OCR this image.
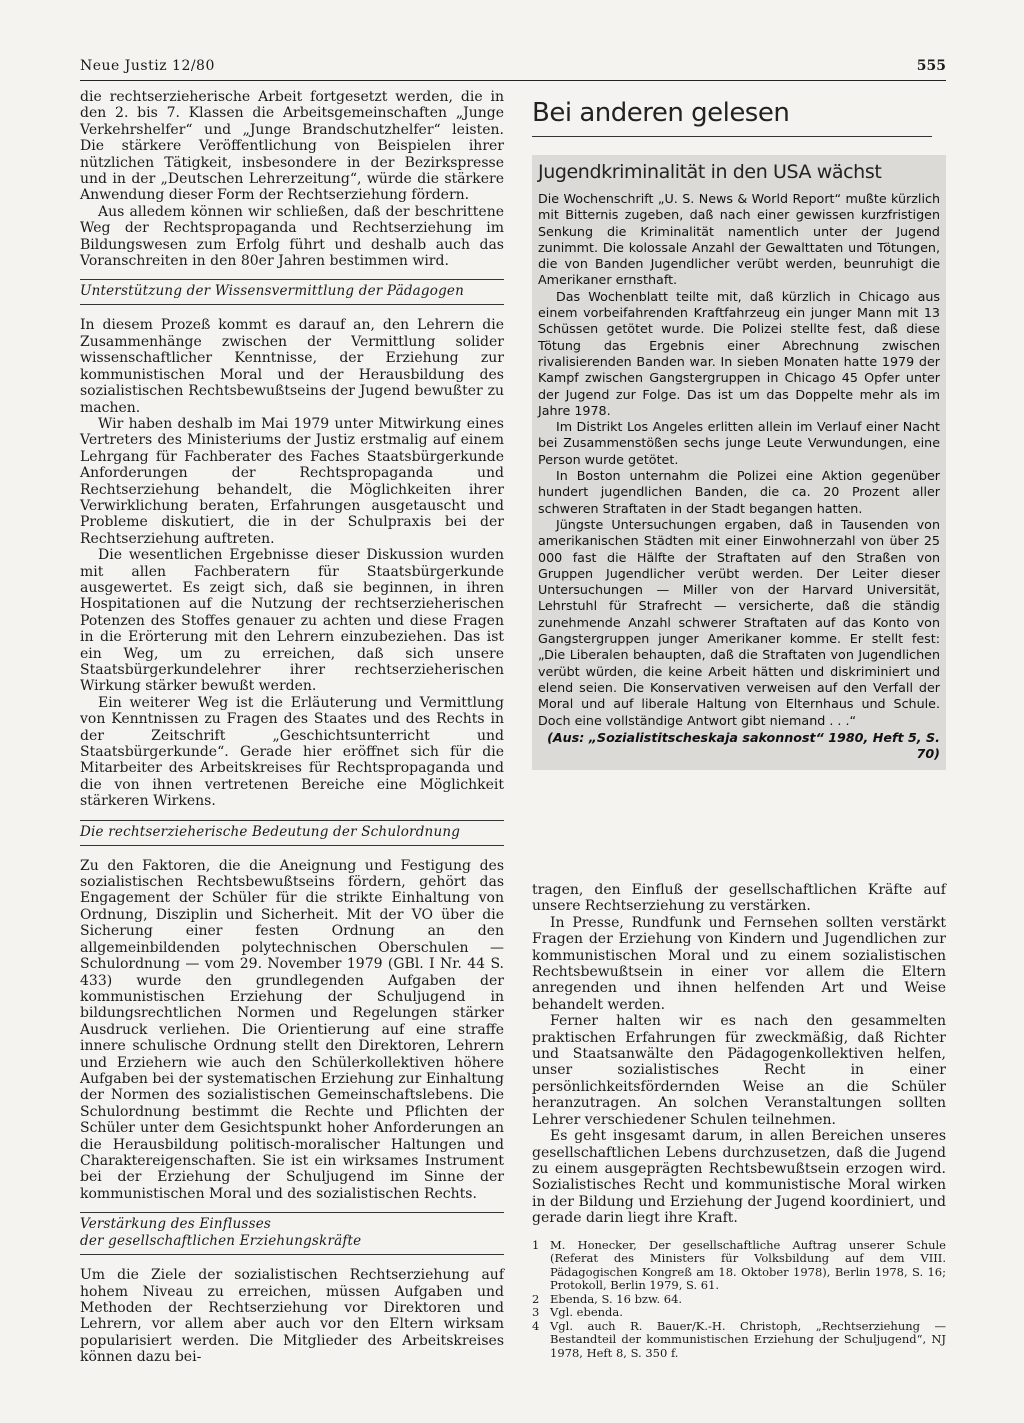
Neue Justiz 12/80	555

die rechtserzieherische Arbeit fortgesetzt werden, die in den 2. bis 7. Klassen die Arbeitsgemeinschaften „Junge Verkehrshelfer“ und „Junge Brandschutzhelfer“ leisten. Die stärkere Veröffentlichung von Beispielen ihrer nützlichen Tätigkeit, insbesondere in der Bezirkspresse und in der „Deutschen Lehrerzeitung“, würde die stärkere Anwendung dieser Form der Rechtserziehung fördern.

Aus alledem können wir schließen, daß der beschrittene Weg der Rechtspropaganda und Rechtserziehung im Bildungswesen zum Erfolg führt und deshalb auch das Voranschreiten in den 80er Jahren bestimmen wird.

Unterstützung der Wissensvermittlung der Pädagogen

In diesem Prozeß kommt es darauf an, den Lehrern die Zusammenhänge zwischen der Vermittlung solider wissenschaftlicher Kenntnisse, der Erziehung zur kommunistischen Moral und der Herausbildung des sozialistischen Rechtsbewußtseins der Jugend bewußter zu machen.

Wir haben deshalb im Mai 1979 unter Mitwirkung eines Vertreters des Ministeriums der Justiz erstmalig auf einem Lehrgang für Fachberater des Faches Staatsbürgerkunde Anforderungen der Rechtspropaganda und Rechtserziehung behandelt, die Möglichkeiten ihrer Verwirklichung beraten, Erfahrungen ausgetauscht und Probleme diskutiert, die in der Schulpraxis bei der Rechtserziehung auftreten.

Die wesentlichen Ergebnisse dieser Diskussion wurden mit allen Fachberatern für Staatsbürgerkunde ausgewertet. Es zeigt sich, daß sie beginnen, in ihren Hospitationen auf die Nutzung der rechtserzieherischen Potenzen des Stoffes genauer zu achten und diese Fragen in die Erörterung mit den Lehrern einzubeziehen. Das ist ein Weg, um zu erreichen, daß sich unsere Staatsbürgerkundelehrer ihrer rechtserzieherischen Wirkung stärker bewußt werden.

Ein weiterer Weg ist die Erläuterung und Vermittlung von Kenntnissen zu Fragen des Staates und des Rechts in der Zeitschrift „Geschichtsunterricht und Staatsbürgerkunde“. Gerade hier eröffnet sich für die Mitarbeiter des Arbeitskreises für Rechtspropaganda und die von ihnen vertretenen Bereiche eine Möglichkeit stärkeren Wirkens.

Die rechtserzieherische Bedeutung der Schulordnung

Zu den Faktoren, die die Aneignung und Festigung des sozialistischen Rechtsbewußtseins fördern, gehört das Engagement der Schüler für die strikte Einhaltung von Ordnung, Disziplin und Sicherheit. Mit der VO über die Sicherung einer festen Ordnung an den allgemeinbildenden polytechnischen Oberschulen — Schulordnung — vom 29. November 1979 (GBl. I Nr. 44 S. 433) wurde den grundlegenden Aufgaben der kommunistischen Erziehung der Schuljugend in bildungsrechtlichen Normen und Regelungen stärker Ausdruck verliehen. Die Orientierung auf eine straffe innere schulische Ordnung stellt den Direktoren, Lehrern und Erziehern wie auch den Schülerkollektiven höhere Aufgaben bei der systematischen Erziehung zur Einhaltung der Normen des sozialistischen Gemeinschaftslebens. Die Schulordnung bestimmt die Rechte und Pflichten der Schüler unter dem Gesichtspunkt hoher Anforderungen an die Herausbildung politisch-moralischer Haltungen und Charaktereigenschaften. Sie ist ein wirksames Instrument bei der Erziehung der Schuljugend im Sinne der kommunistischen Moral und des sozialistischen Rechts.

Verstärkung des Einflusses
der gesellschaftlichen Erziehungskräfte

Um die Ziele der sozialistischen Rechtserziehung auf hohem Niveau zu erreichen, müssen Aufgaben und Methoden der Rechtserziehung vor Direktoren und Lehrern, vor allem aber auch vor den Eltern wirksam popularisiert werden. Die Mitglieder des Arbeitskreises können dazu bei-

Bei anderen gelesen
Jugendkriminalität in den USA wächst

Die Wochenschrift „U. S. News & World Report“ mußte kürzlich mit Bitternis zugeben, daß nach einer gewissen kurzfristigen Senkung die Kriminalität namentlich unter der Jugend zunimmt. Die kolossale Anzahl der Gewalttaten und Tötungen, die von Banden Jugendlicher verübt werden, beunruhigt die Amerikaner ernsthaft.

Das Wochenblatt teilte mit, daß kürzlich in Chicago aus einem vorbeifahrenden Kraftfahrzeug ein junger Mann mit 13 Schüssen getötet wurde. Die Polizei stellte fest, daß diese Tötung das Ergebnis einer Abrechnung zwischen rivalisierenden Banden war. In sieben Monaten hatte 1979 der Kampf zwischen Gangstergruppen in Chicago 45 Opfer unter der Jugend zur Folge. Das ist um das Doppelte mehr als im Jahre 1978.

Im Distrikt Los Angeles erlitten allein im Verlauf einer Nacht bei Zusammenstößen sechs junge Leute Verwundungen, eine Person wurde getötet.

In Boston unternahm die Polizei eine Aktion gegenüber hundert jugendlichen Banden, die ca. 20 Prozent aller schweren Straftaten in der Stadt begangen hatten.

Jüngste Untersuchungen ergaben, daß in Tausenden von amerikanischen Städten mit einer Einwohnerzahl von über 25 000 fast die Hälfte der Straftaten auf den Straßen von Gruppen Jugendlicher verübt werden. Der Leiter dieser Untersuchungen — Miller von der Harvard Universität, Lehrstuhl für Strafrecht — versicherte, daß die ständig zunehmende Anzahl schwerer Straftaten auf das Konto von Gangstergruppen junger Amerikaner komme. Er stellt fest: „Die Liberalen behaupten, daß die Straftaten von Jugendlichen verübt würden, die keine Arbeit hätten und diskriminiert und elend seien. Die Konservativen verweisen auf den Verfall der Moral und auf liberale Haltung von Elternhaus und Schule. Doch eine vollständige Antwort gibt niemand . . .“

(Aus: „Sozialistitscheskaja sakonnost“ 1980, Heft 5, S. 70)

tragen, den Einfluß der gesellschaftlichen Kräfte auf unsere Rechtserziehung zu verstärken.

In Presse, Rundfunk und Fernsehen sollten verstärkt Fragen der Erziehung von Kindern und Jugendlichen zur kommunistischen Moral und zu einem sozialistischen Rechtsbewußtsein in einer vor allem die Eltern anregenden und ihnen helfenden Art und Weise behandelt werden.

Ferner halten wir es nach den gesammelten praktischen Erfahrungen für zweckmäßig, daß Richter und Staatsanwälte den Pädagogenkollektiven helfen, unser sozialistisches Recht in einer persönlichkeitsfördernden Weise an die Schüler heranzutragen. An solchen Veranstaltungen sollten Lehrer verschiedener Schulen teilnehmen.

Es geht insgesamt darum, in allen Bereichen unseres gesellschaftlichen Lebens durchzusetzen, daß die Jugend zu einem ausgeprägten Rechtsbewußtsein erzogen wird. Sozialistisches Recht und kommunistische Moral wirken in der Bildung und Erziehung der Jugend koordiniert, und gerade darin liegt ihre Kraft.

1 M. Honecker, Der gesellschaftliche Auftrag unserer Schule (Referat des Ministers für Volksbildung auf dem VIII. Pädagogischen Kongreß am 18. Oktober 1978), Berlin 1978, S. 16; Protokoll, Berlin 1979, S. 61.
2 Ebenda, S. 16 bzw. 64.
3 Vgl. ebenda.
4 Vgl. auch R. Bauer/K.-H. Christoph, „Rechtserziehung — Bestandteil der kommunistischen Erziehung der Schuljugend“, NJ 1978, Heft 8, S. 350 f.
